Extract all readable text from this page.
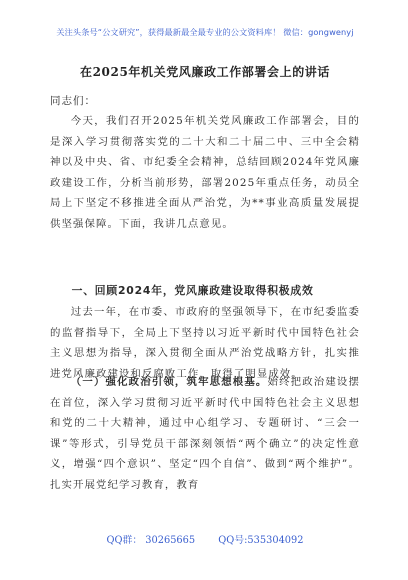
关注头条号“公文研究”，获得最新最全最专业的公文资料库！ 微信：gongwenyj
在2025年机关党风廉政工作部署会上的讲话
同志们：
今天，我们召开2025年机关党风廉政工作部署会，目的是深入学习贯彻落实党的二十大和二十届二中、三中全会精神以及中央、省、市纪委全会精神，总结回顾2024年党风廉政建设工作，分析当前形势，部署2025年重点任务，动员全局上下坚定不移推进全面从严治党，为**事业高质量发展提供坚强保障。下面，我讲几点意见。
一、回顾2024年，党风廉政建设取得积极成效
过去一年，在市委、市政府的坚强领导下，在市纪委监委的监督指导下，全局上下坚持以习近平新时代中国特色社会主义思想为指导，深入贯彻全面从严治党战略方针，扎实推进党风廉政建设和反腐败工作，取得了明显成效。
（一）强化政治引领，筑牢思想根基。始终把政治建设摆在首位，深入学习贯彻习近平新时代中国特色社会主义思想和党的二十大精神，通过中心组学习、专题研讨、“三会一课”等形式，引导党员干部深刻领悟“两个确立”的决定性意义，增强“四个意识”、坚定“四个自信”、做到“两个维护”。扎实开展党纪学习教育，教育
QQ群： 30265665 QQ号:535304092
